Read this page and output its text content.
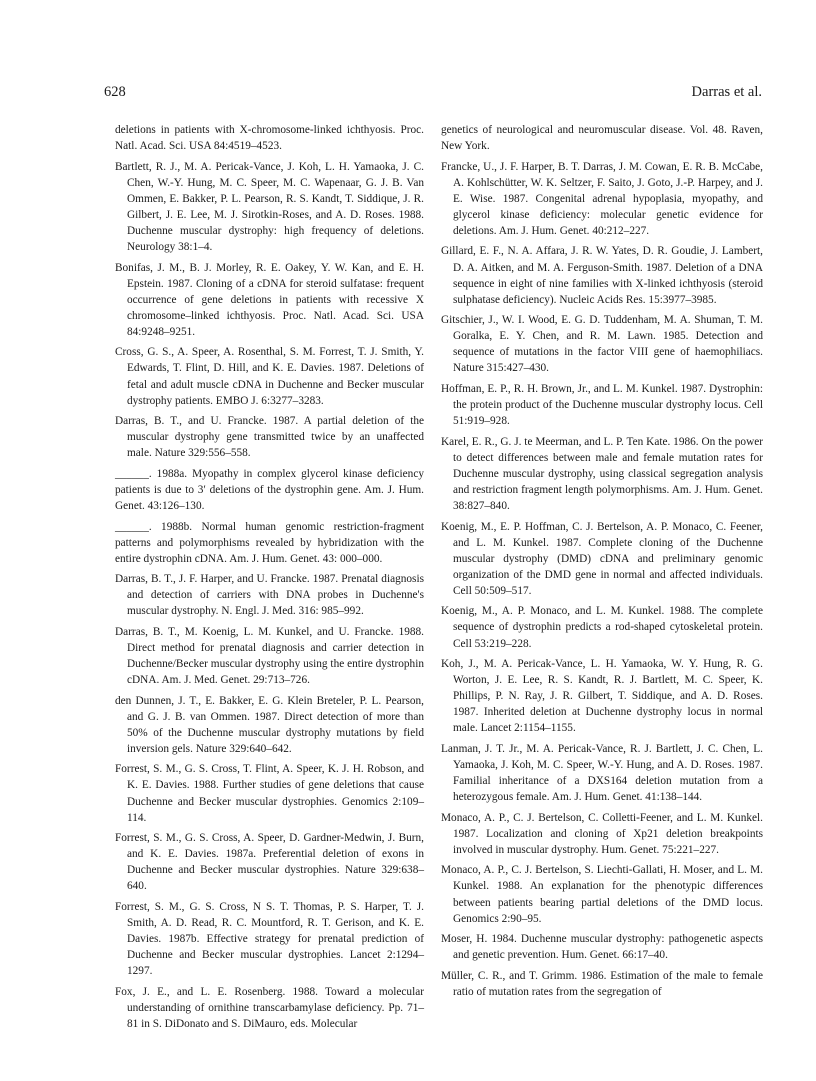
628	Darras et al.

deletions in patients with X-chromosome-linked ichthyosis. Proc. Natl. Acad. Sci. USA 84:4519–4523.

Bartlett, R. J., M. A. Pericak-Vance, J. Koh, L. H. Yamaoka, J. C. Chen, W.-Y. Hung, M. C. Speer, M. C. Wapenaar, G. J. B. Van Ommen, E. Bakker, P. L. Pearson, R. S. Kandt, T. Siddique, J. R. Gilbert, J. E. Lee, M. J. Sirotkin-Roses, and A. D. Roses. 1988. Duchenne muscular dystrophy: high frequency of deletions. Neurology 38:1–4.

Bonifas, J. M., B. J. Morley, R. E. Oakey, Y. W. Kan, and E. H. Epstein. 1987. Cloning of a cDNA for steroid sulfatase: frequent occurrence of gene deletions in patients with recessive X chromosome–linked ichthyosis. Proc. Natl. Acad. Sci. USA 84:9248–9251.

Cross, G. S., A. Speer, A. Rosenthal, S. M. Forrest, T. J. Smith, Y. Edwards, T. Flint, D. Hill, and K. E. Davies. 1987. Deletions of fetal and adult muscle cDNA in Duchenne and Becker muscular dystrophy patients. EMBO J. 6:3277–3283.

Darras, B. T., and U. Francke. 1987. A partial deletion of the muscular dystrophy gene transmitted twice by an unaffected male. Nature 329:556–558.

______. 1988a. Myopathy in complex glycerol kinase deficiency patients is due to 3′ deletions of the dystrophin gene. Am. J. Hum. Genet. 43:126–130.

______. 1988b. Normal human genomic restriction-fragment patterns and polymorphisms revealed by hybridization with the entire dystrophin cDNA. Am. J. Hum. Genet. 43: 000–000.

Darras, B. T., J. F. Harper, and U. Francke. 1987. Prenatal diagnosis and detection of carriers with DNA probes in Duchenne's muscular dystrophy. N. Engl. J. Med. 316: 985–992.

Darras, B. T., M. Koenig, L. M. Kunkel, and U. Francke. 1988. Direct method for prenatal diagnosis and carrier detection in Duchenne/Becker muscular dystrophy using the entire dystrophin cDNA. Am. J. Med. Genet. 29:713–726.

den Dunnen, J. T., E. Bakker, E. G. Klein Breteler, P. L. Pearson, and G. J. B. van Ommen. 1987. Direct detection of more than 50% of the Duchenne muscular dystrophy mutations by field inversion gels. Nature 329:640–642.

Forrest, S. M., G. S. Cross, T. Flint, A. Speer, K. J. H. Robson, and K. E. Davies. 1988. Further studies of gene deletions that cause Duchenne and Becker muscular dystrophies. Genomics 2:109–114.

Forrest, S. M., G. S. Cross, A. Speer, D. Gardner-Medwin, J. Burn, and K. E. Davies. 1987a. Preferential deletion of exons in Duchenne and Becker muscular dystrophies. Nature 329:638–640.

Forrest, S. M., G. S. Cross, N S. T. Thomas, P. S. Harper, T. J. Smith, A. D. Read, R. C. Mountford, R. T. Gerison, and K. E. Davies. 1987b. Effective strategy for prenatal prediction of Duchenne and Becker muscular dystrophies. Lancet 2:1294–1297.

Fox, J. E., and L. E. Rosenberg. 1988. Toward a molecular understanding of ornithine transcarbamylase deficiency. Pp. 71–81 in S. DiDonato and S. DiMauro, eds. Molecular

genetics of neurological and neuromuscular disease. Vol. 48. Raven, New York.

Francke, U., J. F. Harper, B. T. Darras, J. M. Cowan, E. R. B. McCabe, A. Kohlschütter, W. K. Seltzer, F. Saito, J. Goto, J.-P. Harpey, and J. E. Wise. 1987. Congenital adrenal hypoplasia, myopathy, and glycerol kinase deficiency: molecular genetic evidence for deletions. Am. J. Hum. Genet. 40:212–227.

Gillard, E. F., N. A. Affara, J. R. W. Yates, D. R. Goudie, J. Lambert, D. A. Aitken, and M. A. Ferguson-Smith. 1987. Deletion of a DNA sequence in eight of nine families with X-linked ichthyosis (steroid sulphatase deficiency). Nucleic Acids Res. 15:3977–3985.

Gitschier, J., W. I. Wood, E. G. D. Tuddenham, M. A. Shuman, T. M. Goralka, E. Y. Chen, and R. M. Lawn. 1985. Detection and sequence of mutations in the factor VIII gene of haemophiliacs. Nature 315:427–430.

Hoffman, E. P., R. H. Brown, Jr., and L. M. Kunkel. 1987. Dystrophin: the protein product of the Duchenne muscular dystrophy locus. Cell 51:919–928.

Karel, E. R., G. J. te Meerman, and L. P. Ten Kate. 1986. On the power to detect differences between male and female mutation rates for Duchenne muscular dystrophy, using classical segregation analysis and restriction fragment length polymorphisms. Am. J. Hum. Genet. 38:827–840.

Koenig, M., E. P. Hoffman, C. J. Bertelson, A. P. Monaco, C. Feener, and L. M. Kunkel. 1987. Complete cloning of the Duchenne muscular dystrophy (DMD) cDNA and preliminary genomic organization of the DMD gene in normal and affected individuals. Cell 50:509–517.

Koenig, M., A. P. Monaco, and L. M. Kunkel. 1988. The complete sequence of dystrophin predicts a rod-shaped cytoskeletal protein. Cell 53:219–228.

Koh, J., M. A. Pericak-Vance, L. H. Yamaoka, W. Y. Hung, R. G. Worton, J. E. Lee, R. S. Kandt, R. J. Bartlett, M. C. Speer, K. Phillips, P. N. Ray, J. R. Gilbert, T. Siddique, and A. D. Roses. 1987. Inherited deletion at Duchenne dystrophy locus in normal male. Lancet 2:1154–1155.

Lanman, J. T. Jr., M. A. Pericak-Vance, R. J. Bartlett, J. C. Chen, L. Yamaoka, J. Koh, M. C. Speer, W.-Y. Hung, and A. D. Roses. 1987. Familial inheritance of a DXS164 deletion mutation from a heterozygous female. Am. J. Hum. Genet. 41:138–144.

Monaco, A. P., C. J. Bertelson, C. Colletti-Feener, and L. M. Kunkel. 1987. Localization and cloning of Xp21 deletion breakpoints involved in muscular dystrophy. Hum. Genet. 75:221–227.

Monaco, A. P., C. J. Bertelson, S. Liechti-Gallati, H. Moser, and L. M. Kunkel. 1988. An explanation for the phenotypic differences between patients bearing partial deletions of the DMD locus. Genomics 2:90–95.

Moser, H. 1984. Duchenne muscular dystrophy: pathogenetic aspects and genetic prevention. Hum. Genet. 66:17–40.

Müller, C. R., and T. Grimm. 1986. Estimation of the male to female ratio of mutation rates from the segregation of
